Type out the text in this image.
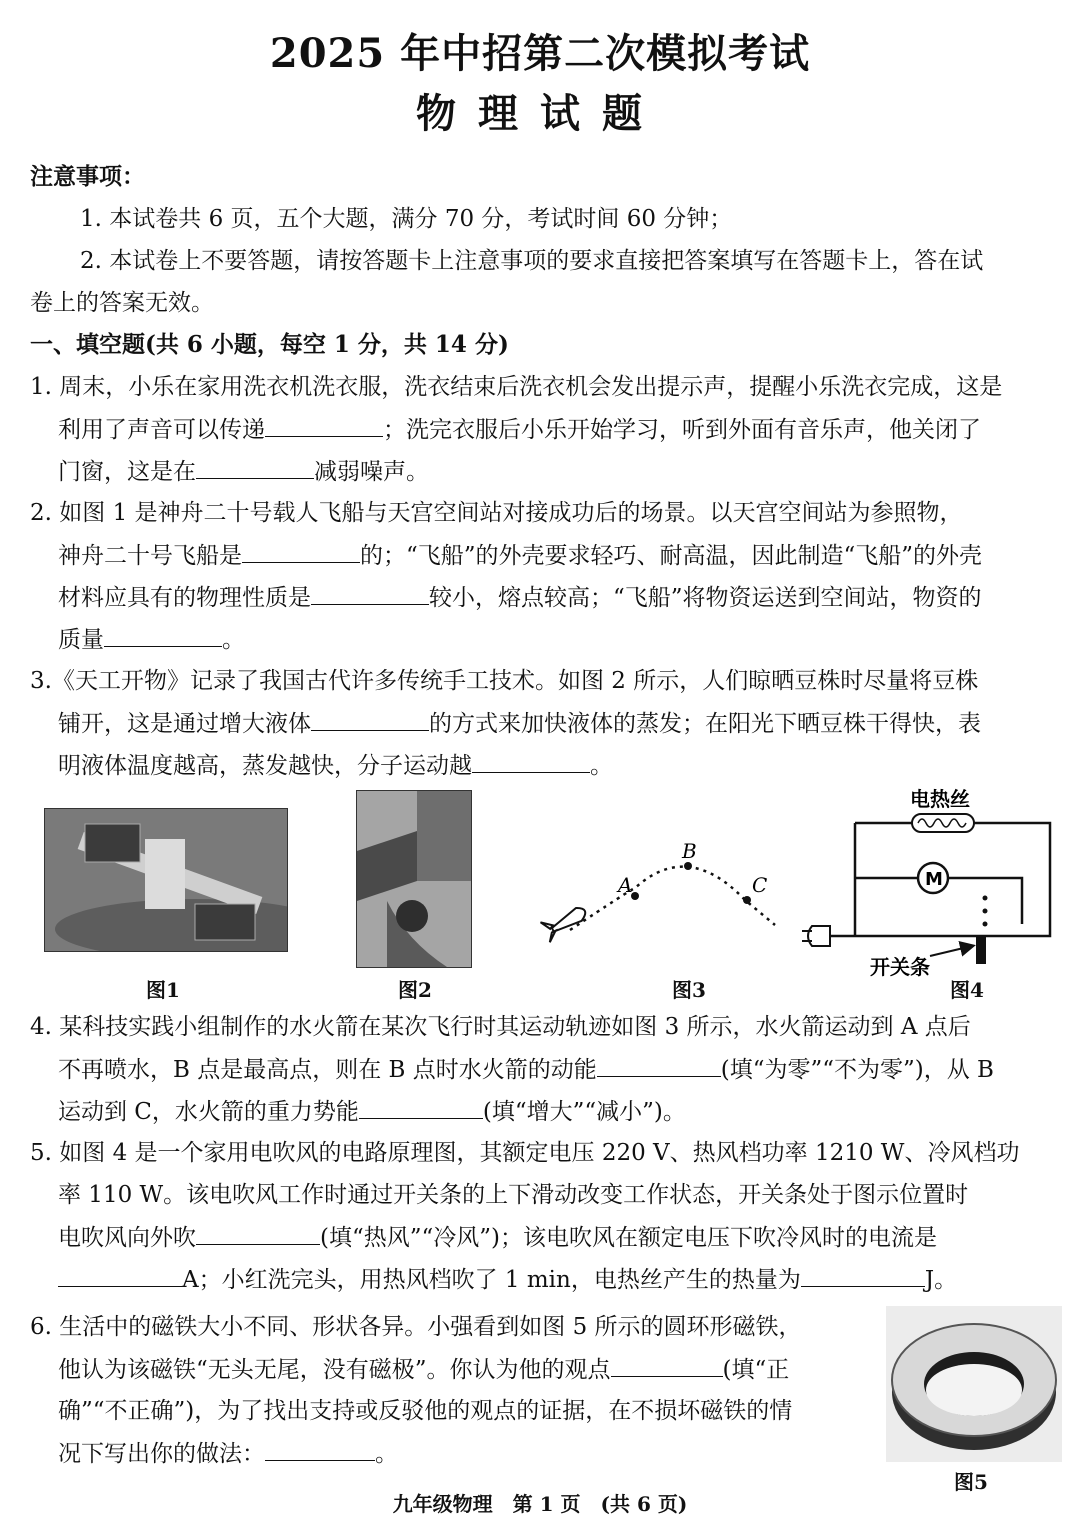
2025 年中招第二次模拟考试
物理试题
注意事项：
1. 本试卷共 6 页，五个大题，满分 70 分，考试时间 60 分钟；
2. 本试卷上不要答题，请按答题卡上注意事项的要求直接把答案填写在答题卡上，答在试
卷上的答案无效。
一、填空题(共 6 小题，每空 1 分，共 14 分)
1. 周末，小乐在家用洗衣机洗衣服，洗衣结束后洗衣机会发出提示声，提醒小乐洗衣完成，这是
利用了声音可以传递	；洗完衣服后小乐开始学习，听到外面有音乐声，他关闭了
门窗，这是在	减弱噪声。
2. 如图 1 是神舟二十号载人飞船与天宫空间站对接成功后的场景。以天宫空间站为参照物，
神舟二十号飞船是	的；“飞船”的外壳要求轻巧、耐高温，因此制造“飞船”的外壳
材料应具有的物理性质是	较小，熔点较高；“飞船”将物资运送到空间站，物资的
质量	。
3.《天工开物》记录了我国古代许多传统手工技术。如图 2 所示，人们晾晒豆株时尽量将豆株
铺开，这是通过增大液体	的方式来加快液体的蒸发；在阳光下晒豆株干得快，表
明液体温度越高，蒸发越快，分子运动越	。
图1	图2
A
B
C
图3
电热丝
M
开关条
图4
4. 某科技实践小组制作的水火箭在某次飞行时其运动轨迹如图 3 所示，水火箭运动到 A 点后
不再喷水，B 点是最高点，则在 B 点时水火箭的动能	(填“为零”“不为零”)，从 B
运动到 C，水火箭的重力势能	(填“增大”“减小”)。
5. 如图 4 是一个家用电吹风的电路原理图，其额定电压 220 V、热风档功率 1210 W、冷风档功
率 110 W。该电吹风工作时通过开关条的上下滑动改变工作状态，开关条处于图示位置时
电吹风向外吹	(填“热风”“冷风”)；该电吹风在额定电压下吹冷风时的电流是
A；小红洗完头，用热风档吹了 1 min，电热丝产生的热量为	J。
6. 生活中的磁铁大小不同、形状各异。小强看到如图 5 所示的圆环形磁铁，
他认为该磁铁“无头无尾，没有磁极”。你认为他的观点	(填“正
确”“不正确”)，为了找出支持或反驳他的观点的证据，在不损坏磁铁的情
况下写出你的做法：	。
图5
九年级物理　第 1 页　(共 6 页)
